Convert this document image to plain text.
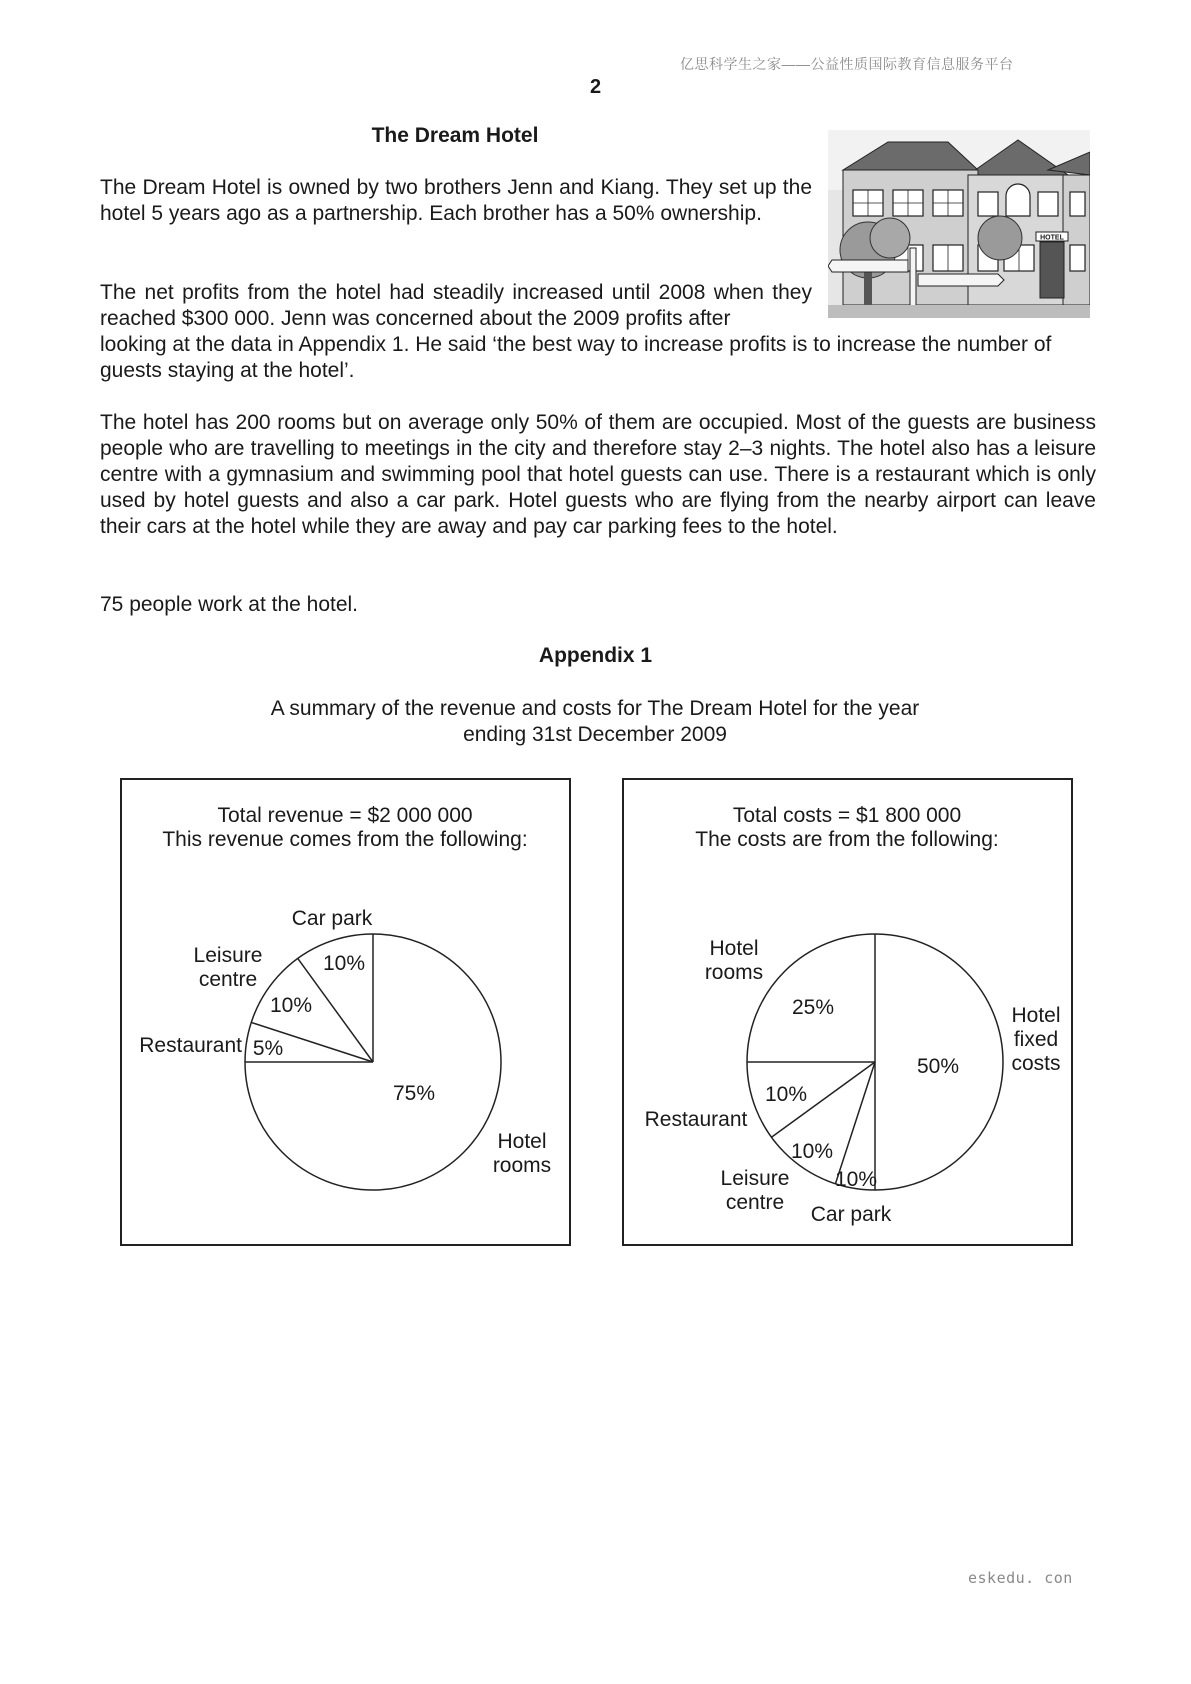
亿思科学生之家——公益性质国际教育信息服务平台
2
The Dream Hotel
The Dream Hotel is owned by two brothers Jenn and Kiang. They set up the hotel 5 years ago as a partnership. Each brother has a 50% ownership.
The net profits from the hotel had steadily increased until 2008 when they reached $300 000. Jenn was concerned about the 2009 profits after
looking at the data in Appendix 1. He said ‘the best way to increase profits is to increase the number of guests staying at the hotel’.
The hotel has 200 rooms but on average only 50% of them are occupied. Most of the guests are business people who are travelling to meetings in the city and therefore stay 2–3 nights. The hotel also has a leisure centre with a gymnasium and swimming pool that hotel guests can use. There is a restaurant which is only used by hotel guests and also a car park. Hotel guests who are flying from the nearby airport can leave their cars at the hotel while they are away and pay car parking fees to the hotel.
75 people work at the hotel.
HOTEL
Appendix 1
A summary of the revenue and costs for The Dream Hotel for the year ending 31st December 2009
Total revenue = $2 000 000
This revenue comes from the following:
Hotel
rooms
75%
Restaurant 5%
Leisure
centre
10%
Car park
10%
Total costs = $1 800 000
The costs are from the following:
Hotel
fixed
costs
50%
Car park
10%
Leisure
centre
10%
Restaurant
10%
Hotel
rooms
25%
eskedu. con
